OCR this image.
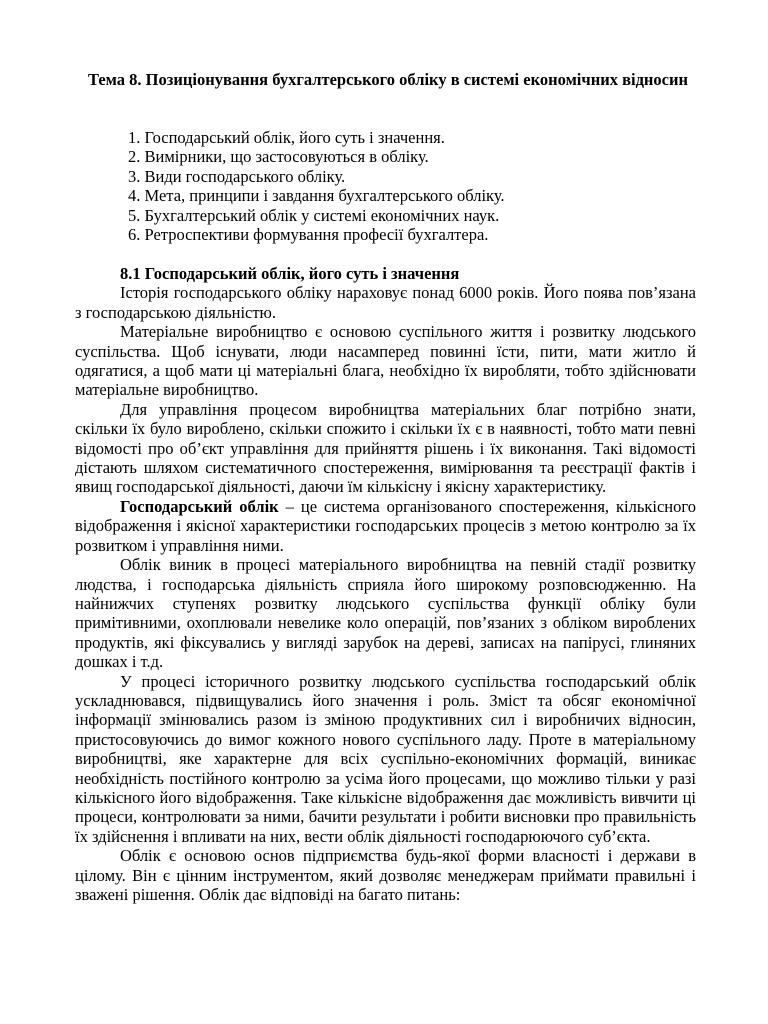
Тема 8. Позиціонування бухгалтерського обліку в системі економічних відносин
1. Господарський облік, його суть і значення.
2. Вимірники, що застосовуються в обліку.
3. Види господарського обліку.
4. Мета, принципи і завдання бухгалтерського обліку.
5. Бухгалтерський облік у системі економічних наук.
6. Ретроспективи формування професії бухгалтера.
8.1 Господарський облік, його суть і значення

Історія господарського обліку нараховує понад 6000 років. Його поява пов’язана з господарською діяльністю.

Матеріальне виробництво є основою суспільного життя і розвитку людського суспільства. Щоб існувати, люди насамперед повинні їсти, пити, мати житло й одягатися, а щоб мати ці матеріальні блага, необхідно їх виробляти, тобто здійснювати матеріальне виробництво.

Для управління процесом виробництва матеріальних благ потрібно знати, скільки їх було вироблено, скільки спожито і скільки їх є в наявності, тобто мати певні відомості про об’єкт управління для прийняття рішень і їх виконання. Такі відомості дістають шляхом систематичного спостереження, вимірювання та реєстрації фактів і явищ господарської діяльності, даючи їм кількісну і якісну характеристику.

Господарський облік – це система організованого спостереження, кількісного відображення і якісної характеристики господарських процесів з метою контролю за їх розвитком і управління ними.

Облік виник в процесі матеріального виробництва на певній стадії розвитку людства, і господарська діяльність сприяла його широкому розповсюдженню. На найнижчих ступенях розвитку людського суспільства функції обліку були примітивними, охоплювали невелике коло операцій, пов’язаних з обліком вироблених продуктів, які фіксувались у вигляді зарубок на дереві, записах на папірусі, глиняних дошках і т.д.

У процесі історичного розвитку людського суспільства господарський облік ускладнювався, підвищувались його значення і роль. Зміст та обсяг економічної інформації змінювались разом із зміною продуктивних сил і виробничих відносин, пристосовуючись до вимог кожного нового суспільного ладу. Проте в матеріальному виробництві, яке характерне для всіх суспільно-економічних формацій, виникає необхідність постійного контролю за усіма його процесами, що можливо тільки у разі кількісного його відображення. Таке кількісне відображення дає можливість вивчити ці процеси, контролювати за ними, бачити результати і робити висновки про правильність їх здійснення і впливати на них, вести облік діяльності господарюючого суб’єкта.

Облік є основою основ підприємства будь-якої форми власності і держави в цілому. Він є цінним інструментом, який дозволяє менеджерам приймати правильні і зважені рішення. Облік дає відповіді на багато питань:
